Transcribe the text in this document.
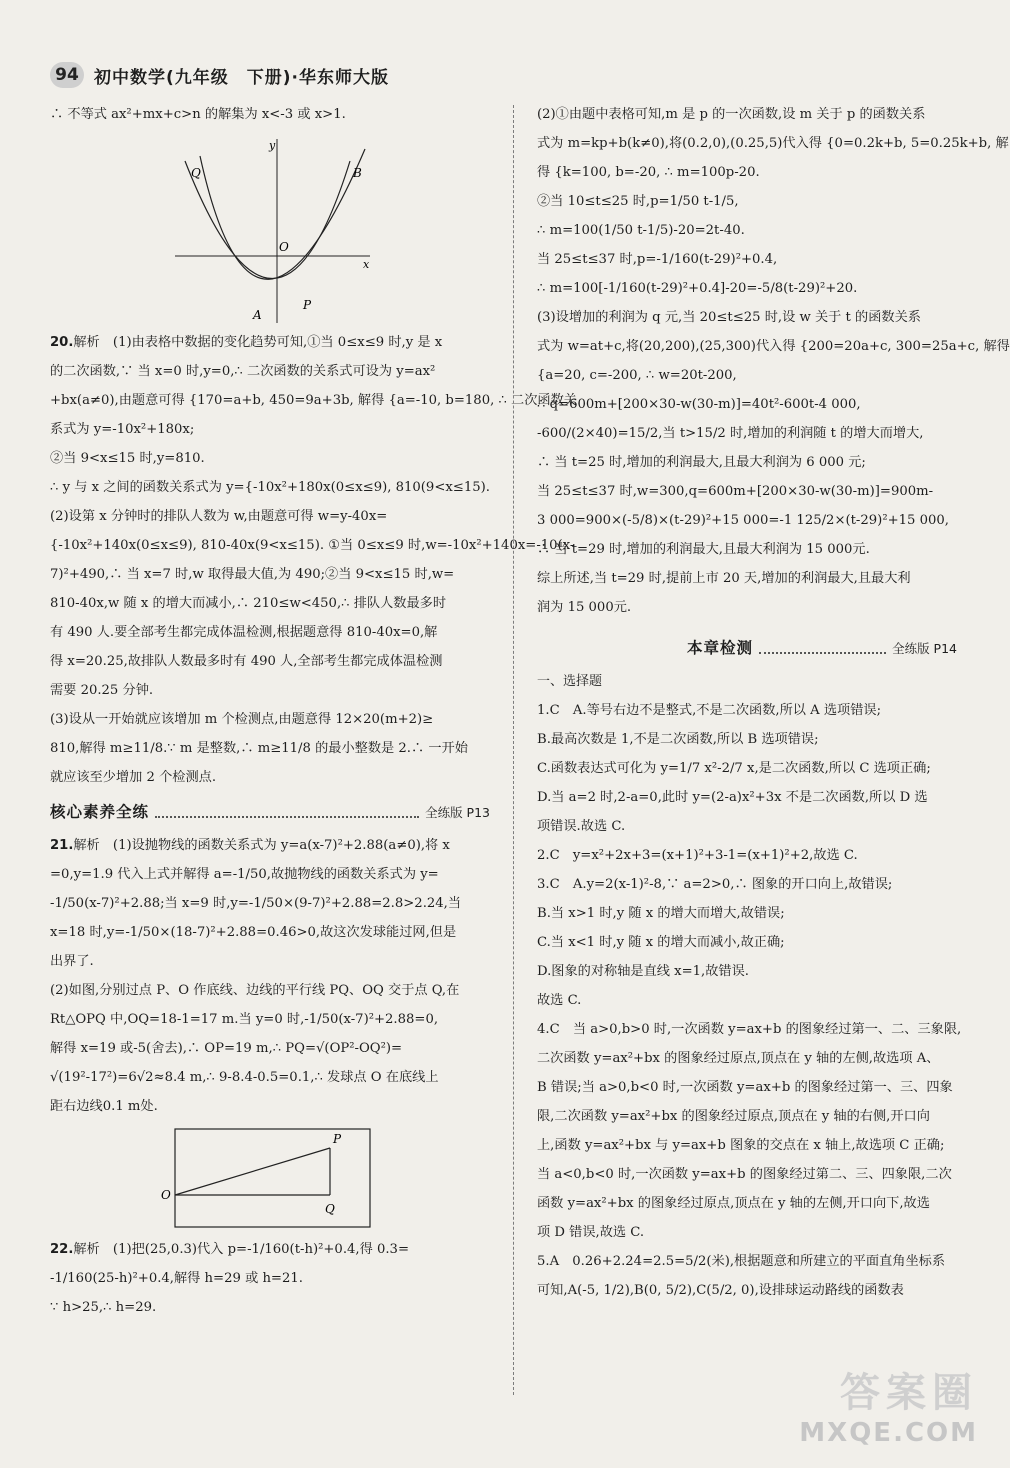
94 初中数学(九年级　下册)·华东师大版
∴ 不等式 ax²+mx+c>n 的解集为 x<-3 或 x>1.
Q	B
O
y
x
A
P
20.解析　(1)由表格中数据的变化趋势可知,①当 0≤x≤9 时,y 是 x
的二次函数,∵ 当 x=0 时,y=0,∴ 二次函数的关系式可设为 y=ax²
+bx(a≠0),由题意可得 {170=a+b, 450=9a+3b, 解得 {a=-10, b=180, ∴ 二次函数关
系式为 y=-10x²+180x;
②当 9<x≤15 时,y=810.
∴ y 与 x 之间的函数关系式为 y={-10x²+180x(0≤x≤9), 810(9<x≤15).
(2)设第 x 分钟时的排队人数为 w,由题意可得 w=y-40x=
{-10x²+140x(0≤x≤9), 810-40x(9<x≤15). ①当 0≤x≤9 时,w=-10x²+140x=-10(x-
7)²+490,∴ 当 x=7 时,w 取得最大值,为 490;②当 9<x≤15 时,w=
810-40x,w 随 x 的增大而减小,∴ 210≤w<450,∴ 排队人数最多时
有 490 人.要全部考生都完成体温检测,根据题意得 810-40x=0,解
得 x=20.25,故排队人数最多时有 490 人,全部考生都完成体温检测
需要 20.25 分钟.
(3)设从一开始就应该增加 m 个检测点,由题意得 12×20(m+2)≥
810,解得 m≥11/8.∵ m 是整数,∴ m≥11/8 的最小整数是 2.∴ 一开始
就应该至少增加 2 个检测点.
核心素养全练	全练版 P13
21.解析　(1)设抛物线的函数关系式为 y=a(x-7)²+2.88(a≠0),将 x
=0,y=1.9 代入上式并解得 a=-1/50,故抛物线的函数关系式为 y=
-1/50(x-7)²+2.88;当 x=9 时,y=-1/50×(9-7)²+2.88=2.8>2.24,当
x=18 时,y=-1/50×(18-7)²+2.88=0.46>0,故这次发球能过网,但是
出界了.
(2)如图,分别过点 P、O 作底线、边线的平行线 PQ、OQ 交于点 Q,在
Rt△OPQ 中,OQ=18-1=17 m.当 y=0 时,-1/50(x-7)²+2.88=0,
解得 x=19 或-5(舍去),∴ OP=19 m,∴ PQ=√(OP²-OQ²)=
√(19²-17²)=6√2≈8.4 m,∴ 9-8.4-0.5=0.1,∴ 发球点 O 在底线上
距右边线0.1 m处.
P
O
Q
22.解析　(1)把(25,0.3)代入 p=-1/160(t-h)²+0.4,得 0.3=
-1/160(25-h)²+0.4,解得 h=29 或 h=21.
∵ h>25,∴ h=29.
(2)①由题中表格可知,m 是 p 的一次函数,设 m 关于 p 的函数关系
式为 m=kp+b(k≠0),将(0.2,0),(0.25,5)代入得 {0=0.2k+b, 5=0.25k+b, 解
得 {k=100, b=-20, ∴ m=100p-20.
②当 10≤t≤25 时,p=1/50 t-1/5,
∴ m=100(1/50 t-1/5)-20=2t-40.
当 25≤t≤37 时,p=-1/160(t-29)²+0.4,
∴ m=100[-1/160(t-29)²+0.4]-20=-5/8(t-29)²+20.
(3)设增加的利润为 q 元,当 20≤t≤25 时,设 w 关于 t 的函数关系
式为 w=at+c,将(20,200),(25,300)代入得 {200=20a+c, 300=25a+c, 解得
{a=20, c=-200, ∴ w=20t-200,
∴ q=600m+[200×30-w(30-m)]=40t²-600t-4 000,
-600/(2×40)=15/2,当 t>15/2 时,增加的利润随 t 的增大而增大,
∴ 当 t=25 时,增加的利润最大,且最大利润为 6 000 元;
当 25≤t≤37 时,w=300,q=600m+[200×30-w(30-m)]=900m-
3 000=900×(-5/8)×(t-29)²+15 000=-1 125/2×(t-29)²+15 000,
∴ 当 t=29 时,增加的利润最大,且最大利润为 15 000元.
综上所述,当 t=29 时,提前上市 20 天,增加的利润最大,且最大利
润为 15 000元.
本章检测	全练版 P14
一、选择题
1.C　A.等号右边不是整式,不是二次函数,所以 A 选项错误;
B.最高次数是 1,不是二次函数,所以 B 选项错误;
C.函数表达式可化为 y=1/7 x²-2/7 x,是二次函数,所以 C 选项正确;
D.当 a=2 时,2-a=0,此时 y=(2-a)x²+3x 不是二次函数,所以 D 选
项错误.故选 C.
2.C　y=x²+2x+3=(x+1)²+3-1=(x+1)²+2,故选 C.
3.C　A.y=2(x-1)²-8,∵ a=2>0,∴ 图象的开口向上,故错误;
B.当 x>1 时,y 随 x 的增大而增大,故错误;
C.当 x<1 时,y 随 x 的增大而减小,故正确;
D.图象的对称轴是直线 x=1,故错误.
故选 C.
4.C　当 a>0,b>0 时,一次函数 y=ax+b 的图象经过第一、二、三象限,
二次函数 y=ax²+bx 的图象经过原点,顶点在 y 轴的左侧,故选项 A、
B 错误;当 a>0,b<0 时,一次函数 y=ax+b 的图象经过第一、三、四象
限,二次函数 y=ax²+bx 的图象经过原点,顶点在 y 轴的右侧,开口向
上,函数 y=ax²+bx 与 y=ax+b 图象的交点在 x 轴上,故选项 C 正确;
当 a<0,b<0 时,一次函数 y=ax+b 的图象经过第二、三、四象限,二次
函数 y=ax²+bx 的图象经过原点,顶点在 y 轴的左侧,开口向下,故选
项 D 错误,故选 C.
5.A　0.26+2.24=2.5=5/2(米),根据题意和所建立的平面直角坐标系
可知,A(-5, 1/2),B(0, 5/2),C(5/2, 0),设排球运动路线的函数表
答案圈
MXQE.COM
